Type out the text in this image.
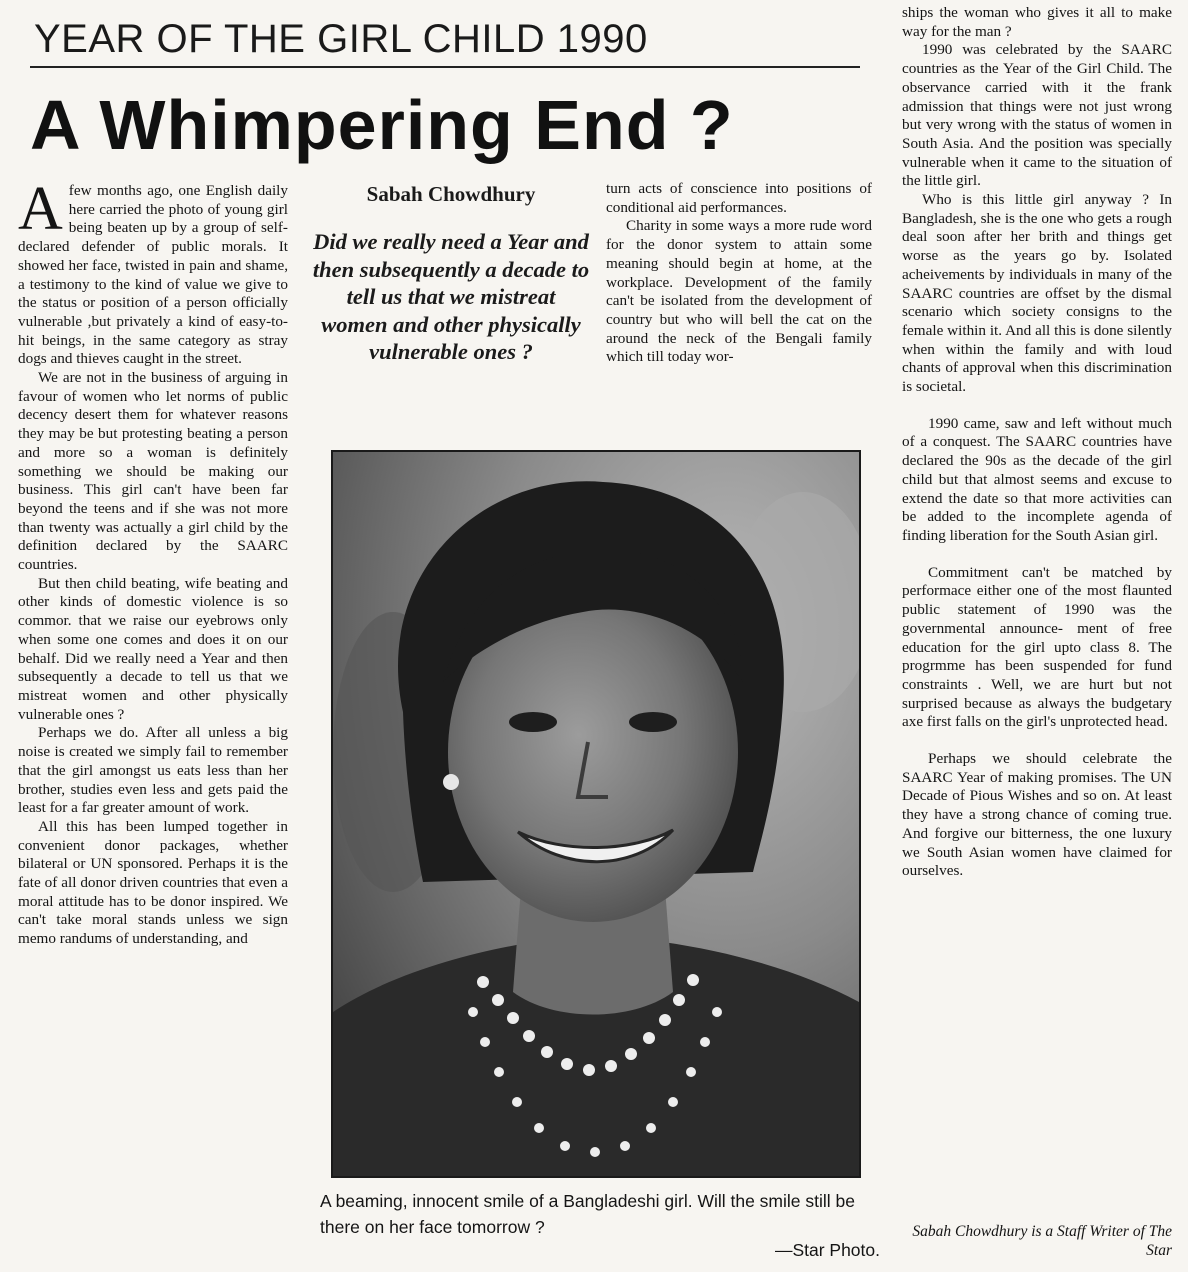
YEAR OF THE GIRL CHILD 1990
A Whimpering End ?

Afew months ago, one English daily here carried the photo of young girl being beaten up by a group of self-declared defender of public morals. It showed her face, twisted in pain and shame, a testimony to the kind of value we give to the status or position of a person officially vulnerable ,but privately a kind of easy-to-hit beings, in the same category as stray dogs and thieves caught in the street.

We are not in the business of arguing in favour of women who let norms of public decency desert them for whatever reasons they may be but protesting beating a person and more so a woman is definitely something we should be making our business. This girl can't have been far beyond the teens and if she was not more than twenty was actually a girl child by the definition declared by the SAARC countries.

But then child beating, wife beating and other kinds of domestic violence is so commor. that we raise our eyebrows only when some one comes and does it on our behalf. Did we really need a Year and then subsequently a decade to tell us that we mistreat women and other physically vulnerable ones ?

Perhaps we do. After all unless a big noise is created we simply fail to remember that the girl amongst us eats less than her brother, studies even less and gets paid the least for a far greater amount of work.

All this has been lumped together in convenient donor packages, whether bilateral or UN sponsored. Perhaps it is the fate of all donor driven countries that even a moral attitude has to be donor inspired. We can't take moral stands unless we sign memo randums of understanding, and

Sabah Chowdhury
Did we really need a Year and then subsequently a decade to tell us that we mistreat women and other physically vulnerable ones ?

turn acts of conscience into positions of conditional aid performances.

Charity in some ways a more rude word for the donor system to attain some meaning should begin at home, at the workplace. Development of the family can't be isolated from the development of country but who will bell the cat on the around the neck of the Bengali family which till today wor-

A beaming, innocent smile of a Bangladeshi girl. Will the smile still be there on her face tomorrow ?
—Star Photo.

ships the woman who gives it all to make way for the man ?

1990 was celebrated by the SAARC countries as the Year of the Girl Child. The observance carried with it the frank admission that things were not just wrong but very wrong with the status of women in South Asia. And the position was specially vulnerable when it came to the situation of the little girl.

Who is this little girl anyway ? In Bangladesh, she is the one who gets a rough deal soon after her brith and things get worse as the years go by. Isolated acheivements by individuals in many of the SAARC countries are offset by the dismal scenario which society consigns to the female within it. And all this is done silently when within the family and with loud chants of approval when this discrimination is societal.

1990 came, saw and left without much of a conquest. The SAARC countries have declared the 90s as the decade of the girl child but that almost seems and excuse to extend the date so that more activities can be added to the incomplete agenda of finding liberation for the South Asian girl.

Commitment can't be matched by performace either one of the most flaunted public statement of 1990 was the governmental announce- ment of free education for the girl upto class 8. The progrmme has been suspended for fund constraints . Well, we are hurt but not surprised because as always the budgetary axe first falls on the girl's unprotected head.

Perhaps we should celebrate the SAARC Year of making promises. The UN Decade of Pious Wishes and so on. At least they have a strong chance of coming true. And forgive our bitterness, the one luxury we South Asian women have claimed for ourselves.

Sabah Chowdhury is a Staff Writer of The Star
